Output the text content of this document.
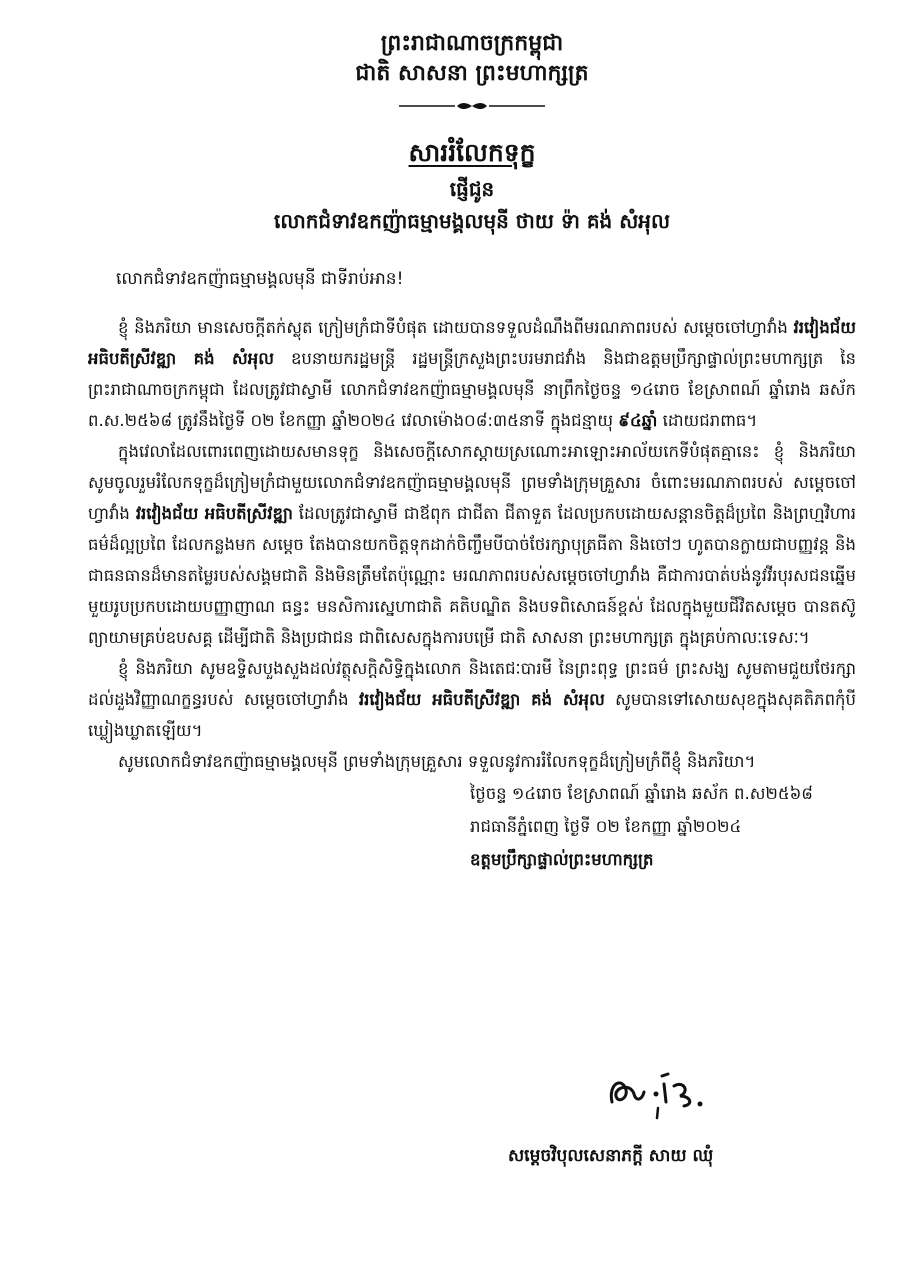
ព្រះរាជាណាចក្រកម្ពុជា

ជាតិ សាសនា ព្រះមហាក្សត្រ

សាររំលែកទុក្ខ

ផ្ញើជូន

លោកជំទាវឧកញ៉ាធម្មាមង្គលមុនី ថាយ ទ៉ា គង់ សំអុល

លោកជំទាវឧកញ៉ាធម្មាមង្គលមុនី ជាទីរាប់អាន!

ខ្ញុំ និងភរិយា មានសេចក្តីតក់ស្លុត ក្រៀមក្រំជាទីបំផុត ដោយបានទទួលដំណឹងពីមរណភាពរបស់ សម្តេចចៅហ្វាវាំង វរវៀងជ័យ អធិបតីស្រីវឌ្ឍា គង់ សំអុល ឧបនាយករដ្ឋមន្ត្រី រដ្ឋមន្ត្រីក្រសួងព្រះបរមរាជវាំង និងជាឧត្តមប្រឹក្សាផ្ទាល់ព្រះមហាក្សត្រ នៃព្រះរាជាណាចក្រកម្ពុជា ដែលត្រូវជាស្វាមី លោកជំទាវឧកញ៉ាធម្មាមង្គលមុនី នាព្រឹកថ្ងៃចន្ទ ១៤រោច ខែស្រាពណ៍ ឆ្នាំរោង ឆស័ក ព.ស.២៥៦៨ ត្រូវនឹងថ្ងៃទី ០២ ខែកញ្ញា ឆ្នាំ២០២៤ វេលាម៉ោង០៨:៣៥នាទី ក្នុងជន្មាយុ ៩៤ឆ្នាំ ដោយជរាពាធ។

ក្នុងវេលាដែលពោរពេញដោយសមានទុក្ខ និងសេចក្តីសោកស្តាយស្រណោះអាឡោះអាល័យកេទីបំផុតគ្មានេះ ខ្ញុំ និងភរិយា សូមចូលរួមរំលែកទុក្ខដ៏ក្រៀមក្រំជាមួយលោកជំទាវឧកញ៉ាធម្មាមង្គលមុនី ព្រមទាំងក្រុមគ្រួសារ ចំពោះមរណភាពរបស់ សម្តេចចៅហ្វាវាំង វរវៀងជ័យ អធិបតីស្រីវឌ្ឍា ដែលត្រូវជាស្វាមី ជាឪពុក ជាជីតា ជីតាទួត ដែលប្រកបដោយសន្តានចិត្តដ៏ប្រពៃ និងព្រហ្មវិហារធម៌ដ៏ល្អប្រពៃ ដែលកន្លងមក សម្តេច តែងបានយកចិត្តទុកដាក់ចិញ្ចឹមបីបាច់ថែរក្សាបុត្រធីតា និងចៅៗ ហូតបានក្លាយជាបញ្ញវន្ត និងជាធនធានដ៏មានតម្លៃរបស់សង្គមជាតិ និងមិនត្រឹមតែប៉ុណ្ណោះ មរណភាពរបស់សម្តេចចៅហ្វាវាំង គឺជាការបាត់បង់នូវវីរបុរសជនឆ្នើមមួយរូបប្រកបដោយបញ្ញាញាណ ធន្ធះ មនសិការស្នេហាជាតិ គតិបណ្ឌិត និងបទពិសោធន៍ខ្ពស់ ដែលក្នុងមួយជីវិតសម្តេច បានតស៊ូព្យាយាមគ្រប់ឧបសគ្គ ដើម្បីជាតិ និងប្រជាជន ជាពិសេសក្នុងការបម្រើ ជាតិ សាសនា ព្រះមហាក្សត្រ ក្នុងគ្រប់កាលៈទេសៈ។

ខ្ញុំ និងភរិយា សូមឧទ្ទិសបួងសួងដល់វត្ថុសក្តិសិទ្ធិក្នុងលោក និងតេជៈបារមី នៃព្រះពុទ្ធ ព្រះធម៌ ព្រះសង្ឃ សូមតាមជួយថែរក្សាដល់ដួងវិញ្ញាណក្ខន្ធរបស់ សម្តេចចៅហ្វាវាំង វរវៀងជ័យ អធិបតីស្រីវឌ្ឍា គង់ សំអុល សូមបានទៅសោយសុខក្នុងសុគតិភពកុំបីឃ្លៀងឃ្លាតឡើយ។

សូមលោកជំទាវឧកញ៉ាធម្មាមង្គលមុនី ព្រមទាំងក្រុមគ្រួសារ ទទួលនូវការរំលែកទុក្ខដ៏ក្រៀមក្រំពីខ្ញុំ និងភរិយា។

ថ្ងៃចន្ទ ១៤រោច ខែស្រាពណ៍ ឆ្នាំរោង ឆស័ក ព.ស២៥៦៨
រាជធានីភ្នំពេញ ថ្ងៃទី ០២ ខែកញ្ញា ឆ្នាំ២០២៤
ឧត្តមប្រឹក្សាផ្ទាល់ព្រះមហាក្សត្រ
សម្តេចវិបុលសេនាភក្តី សាយ ឈុំ
